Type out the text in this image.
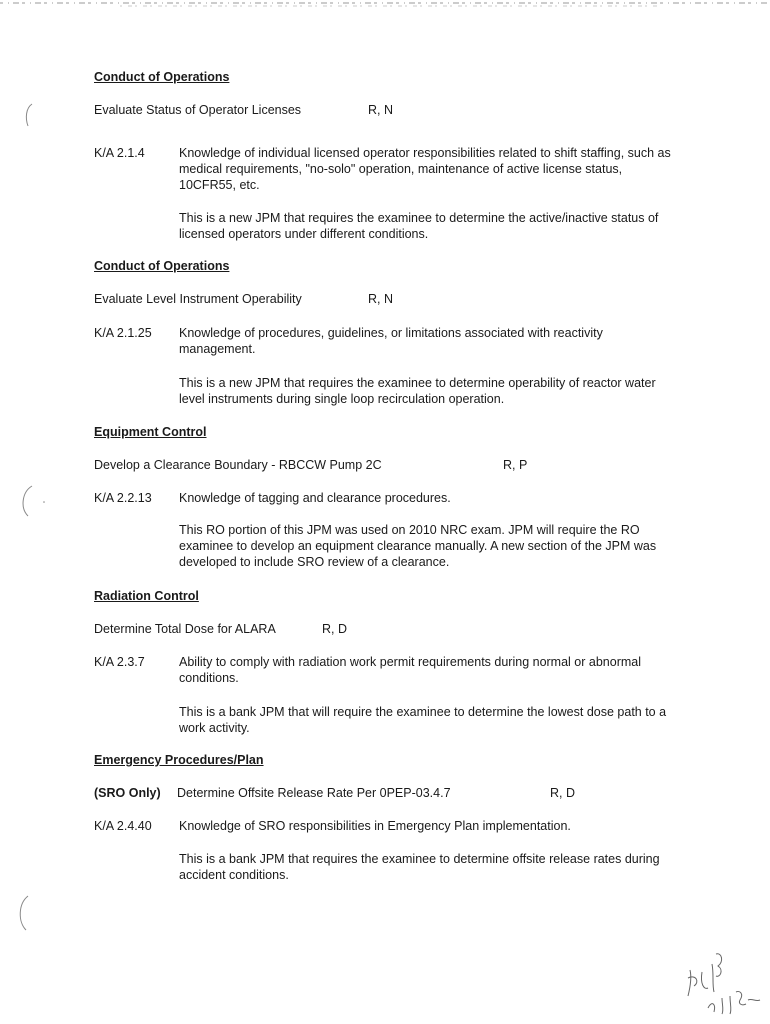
Conduct of Operations

Evaluate Status of Operator Licenses	R, N
K/A 2.1.4	Knowledge of individual licensed operator responsibilities related to shift staffing, such as medical requirements, "no-solo" operation, maintenance of active license status, 10CFR55, etc.
This is a new JPM that requires the examinee to determine the active/inactive status of licensed operators under different conditions.

Conduct of Operations

Evaluate Level Instrument Operability	R, N
K/A 2.1.25 Knowledge of procedures, guidelines, or limitations associated with reactivity management.
This is a new JPM that requires the examinee to determine operability of reactor water level instruments during single loop recirculation operation.

Equipment Control

Develop a Clearance Boundary - RBCCW Pump 2C	R, P
K/A 2.2.13 Knowledge of tagging and clearance procedures.
This RO portion of this JPM was used on 2010 NRC exam. JPM will require the RO examinee to develop an equipment clearance manually. A new section of the JPM was developed to include SRO review of a clearance.

Radiation Control

Determine Total Dose for ALARA	R, D
K/A 2.3.7	Ability to comply with radiation work permit requirements during normal or abnormal conditions.
This is a bank JPM that will require the examinee to determine the lowest dose path to a work activity.

Emergency Procedures/Plan

(SRO Only) Determine Offsite Release Rate Per 0PEP-03.4.7	R, D
K/A 2.4.40 Knowledge of SRO responsibilities in Emergency Plan implementation.
This is a bank JPM that requires the examinee to determine offsite release rates during accident conditions.
